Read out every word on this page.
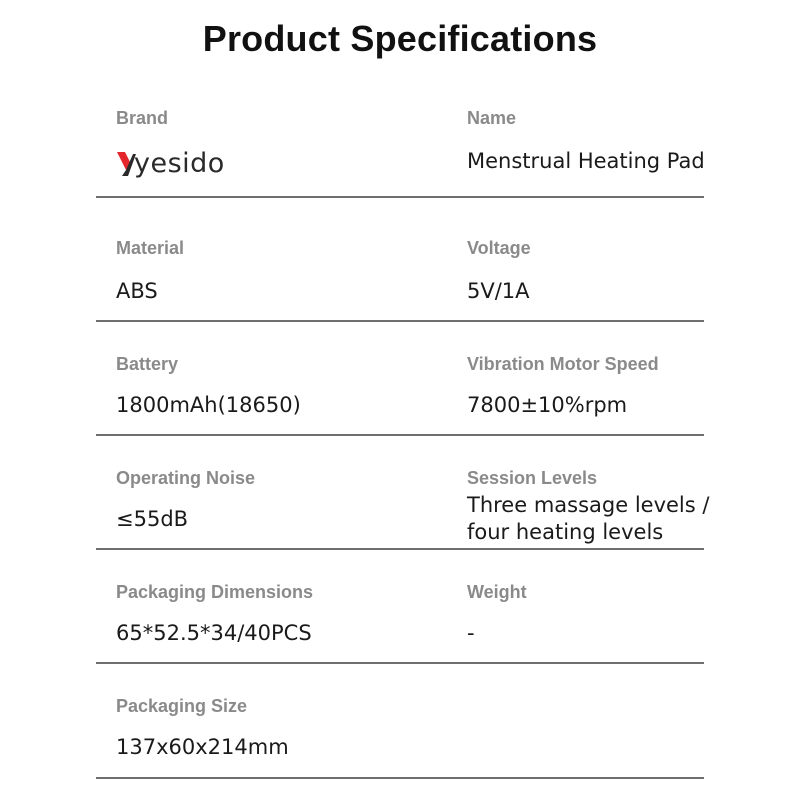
Product Specifications
Brand
yesido
Name
Menstrual Heating Pad
Material
ABS
Voltage
5V/1A
Battery
1800mAh(18650)
Vibration Motor Speed
7800±10%rpm
Operating Noise
≤55dB
Session Levels
Three massage levels / four heating levels
Packaging Dimensions
65*52.5*34/40PCS
Weight
-
Packaging Size
137x60x214mm
